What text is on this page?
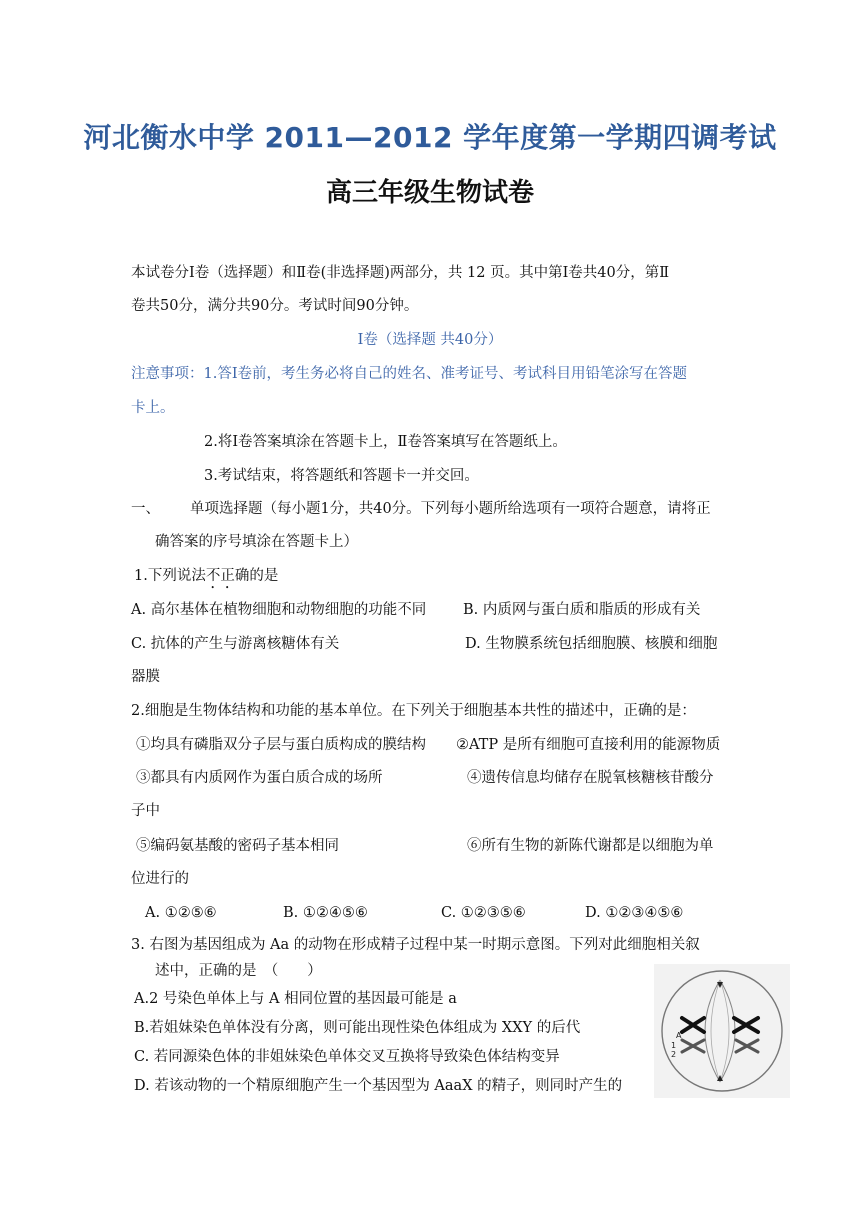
河北衡水中学 2011—2012 学年度第一学期四调考试
高三年级生物试卷
本试卷分Ⅰ卷（选择题）和Ⅱ卷(非选择题)两部分，共 12 页。其中第Ⅰ卷共40分，第Ⅱ
卷共50分，满分共90分。考试时间90分钟。
Ⅰ卷（选择题 共40分）
注意事项：1.答Ⅰ卷前，考生务必将自己的姓名、准考证号、考试科目用铅笔涂写在答题
卡上。
2.将Ⅰ卷答案填涂在答题卡上，Ⅱ卷答案填写在答题纸上。
3.考试结束，将答题纸和答题卡一并交回。
一、 单项选择题（每小题1分，共40分。下列每小题所给选项有一项符合题意，请将正
确答案的序号填涂在答题卡上）
1.下列说法不正确的是
A. 高尔基体在植物细胞和动物细胞的功能不同	B. 内质网与蛋白质和脂质的形成有关
C. 抗体的产生与游离核糖体有关	D. 生物膜系统包括细胞膜、核膜和细胞
器膜
2.细胞是生物体结构和功能的基本单位。在下列关于细胞基本共性的描述中，正确的是：
①均具有磷脂双分子层与蛋白质构成的膜结构 ②ATP 是所有细胞可直接利用的能源物质
③都具有内质网作为蛋白质合成的场所	④遗传信息均储存在脱氧核糖核苷酸分
子中
⑤编码氨基酸的密码子基本相同	⑥所有生物的新陈代谢都是以细胞为单
位进行的
A. ①②⑤⑥	B. ①②④⑤⑥	C. ①②③⑤⑥	D. ①②③④⑤⑥
3. 右图为基因组成为 Aa 的动物在形成精子过程中某一时期示意图。下列对此细胞相关叙
述中，正确的是　（　　）
A.2 号染色单体上与 A 相同位置的基因最可能是 a
B.若姐妹染色单体没有分离，则可能出现性染色体组成为 XXY 的后代
C. 若同源染色体的非姐妹染色单体交叉互换将导致染色体结构变异
D. 若该动物的一个精原细胞产生一个基因型为 AaaX 的精子，则同时产生的
A
1
2
